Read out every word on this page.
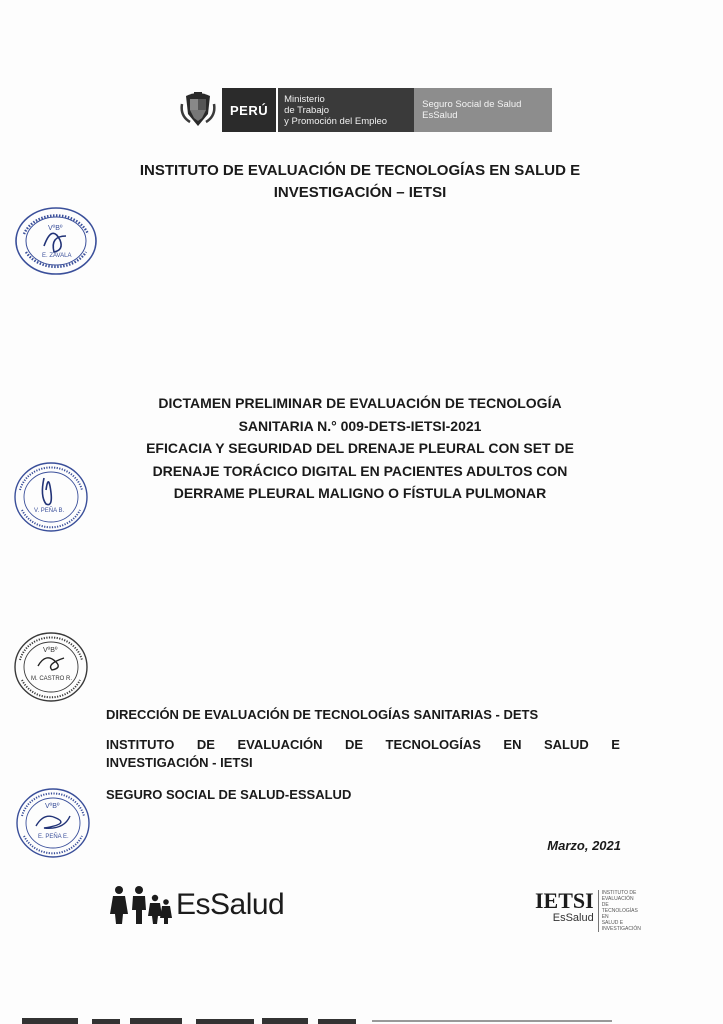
PERÚ
Ministerio
de Trabajo
y Promoción del Empleo
Seguro Social de Salud
EsSalud
INSTITUTO DE EVALUACIÓN DE TECNOLOGÍAS EN SALUD E
INVESTIGACIÓN – IETSI
VºBº
E. ZAVALA
DICTAMEN PRELIMINAR DE EVALUACIÓN DE TECNOLOGÍA
SANITARIA N.° 009-DETS-IETSI-2021
EFICACIA Y SEGURIDAD DEL DRENAJE PLEURAL CON SET DE
DRENAJE TORÁCICO DIGITAL EN PACIENTES ADULTOS CON
DERRAME PLEURAL MALIGNO O FÍSTULA PULMONAR
V. PEÑA B.
VºBº
M. CASTRO R.
DIRECCIÓN DE EVALUACIÓN DE TECNOLOGÍAS SANITARIAS - DETS
INSTITUTO DE EVALUACIÓN DE TECNOLOGÍAS EN SALUD E
INVESTIGACIÓN - IETSI
SEGURO SOCIAL DE SALUD-ESSALUD
VºBº
E. PEÑA E.
Marzo, 2021
EsSalud	IETSI
EsSalud
INSTITUTO DE
EVALUACIÓN DE
TECNOLOGÍAS EN
SALUD E
INVESTIGACIÓN
